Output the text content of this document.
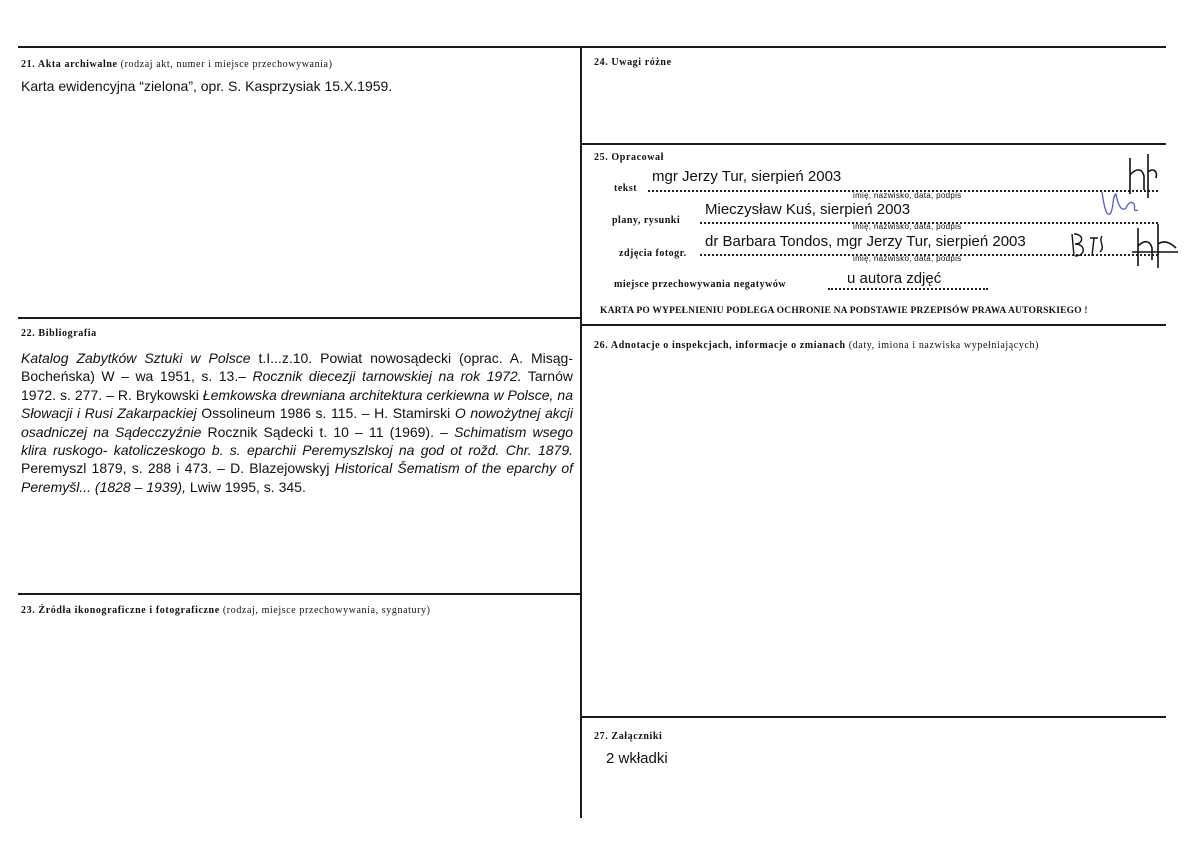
21. Akta archiwalne (rodzaj akt, numer i miejsce przechowywania)
Karta ewidencyjna “zielona”, opr. S. Kasprzysiak 15.X.1959.
22. Bibliografia
Katalog Zabytków Sztuki w Polsce t.I...z.10. Powiat nowosądecki (oprac. A. Misąg-Bocheńska) W – wa 1951, s. 13.– Rocznik diecezji tarnowskiej na rok 1972. Tarnów 1972. s. 277. – R. Brykowski Łemkowska drewniana architektura cerkiewna w Polsce, na Słowacji i Rusi Zakarpackiej Ossolineum 1986 s. 115. – H. Stamirski O nowożytnej akcji osadniczej na Sądecczyźnie Rocznik Sądecki t. 10 – 11 (1969). – Schimatism wsego klira ruskogo- katoliczeskogo b. s. eparchii Peremyszlskoj na god ot rožd. Chr. 1879. Peremyszl 1879, s. 288 i 473. – D. Blazejowskyj Historical Šematism of the eparchy of Peremyšl... (1828 – 1939), Lwiw 1995, s. 345.
23. Źródła ikonograficzne i fotograficzne (rodzaj, miejsce przechowywania, sygnatury)
24. Uwagi różne
25. Opracował
tekst
mgr Jerzy Tur, sierpień 2003
imię, nazwisko, data, podpis
plany, rysunki
Mieczysław Kuś, sierpień 2003
imię, nazwisko, data, podpis
zdjęcia fotogr.
dr Barbara Tondos, mgr Jerzy Tur, sierpień 2003
imię, nazwisko, data, podpis
miejsce przechowywania negatywów	u autora zdjęć
KARTA PO WYPEŁNIENIU PODLEGA OCHRONIE NA PODSTAWIE PRZEPISÓW PRAWA AUTORSKIEGO !
26. Adnotacje o inspekcjach, informacje o zmianach (daty, imiona i nazwiska wypełniających)
27. Załączniki
2 wkładki
